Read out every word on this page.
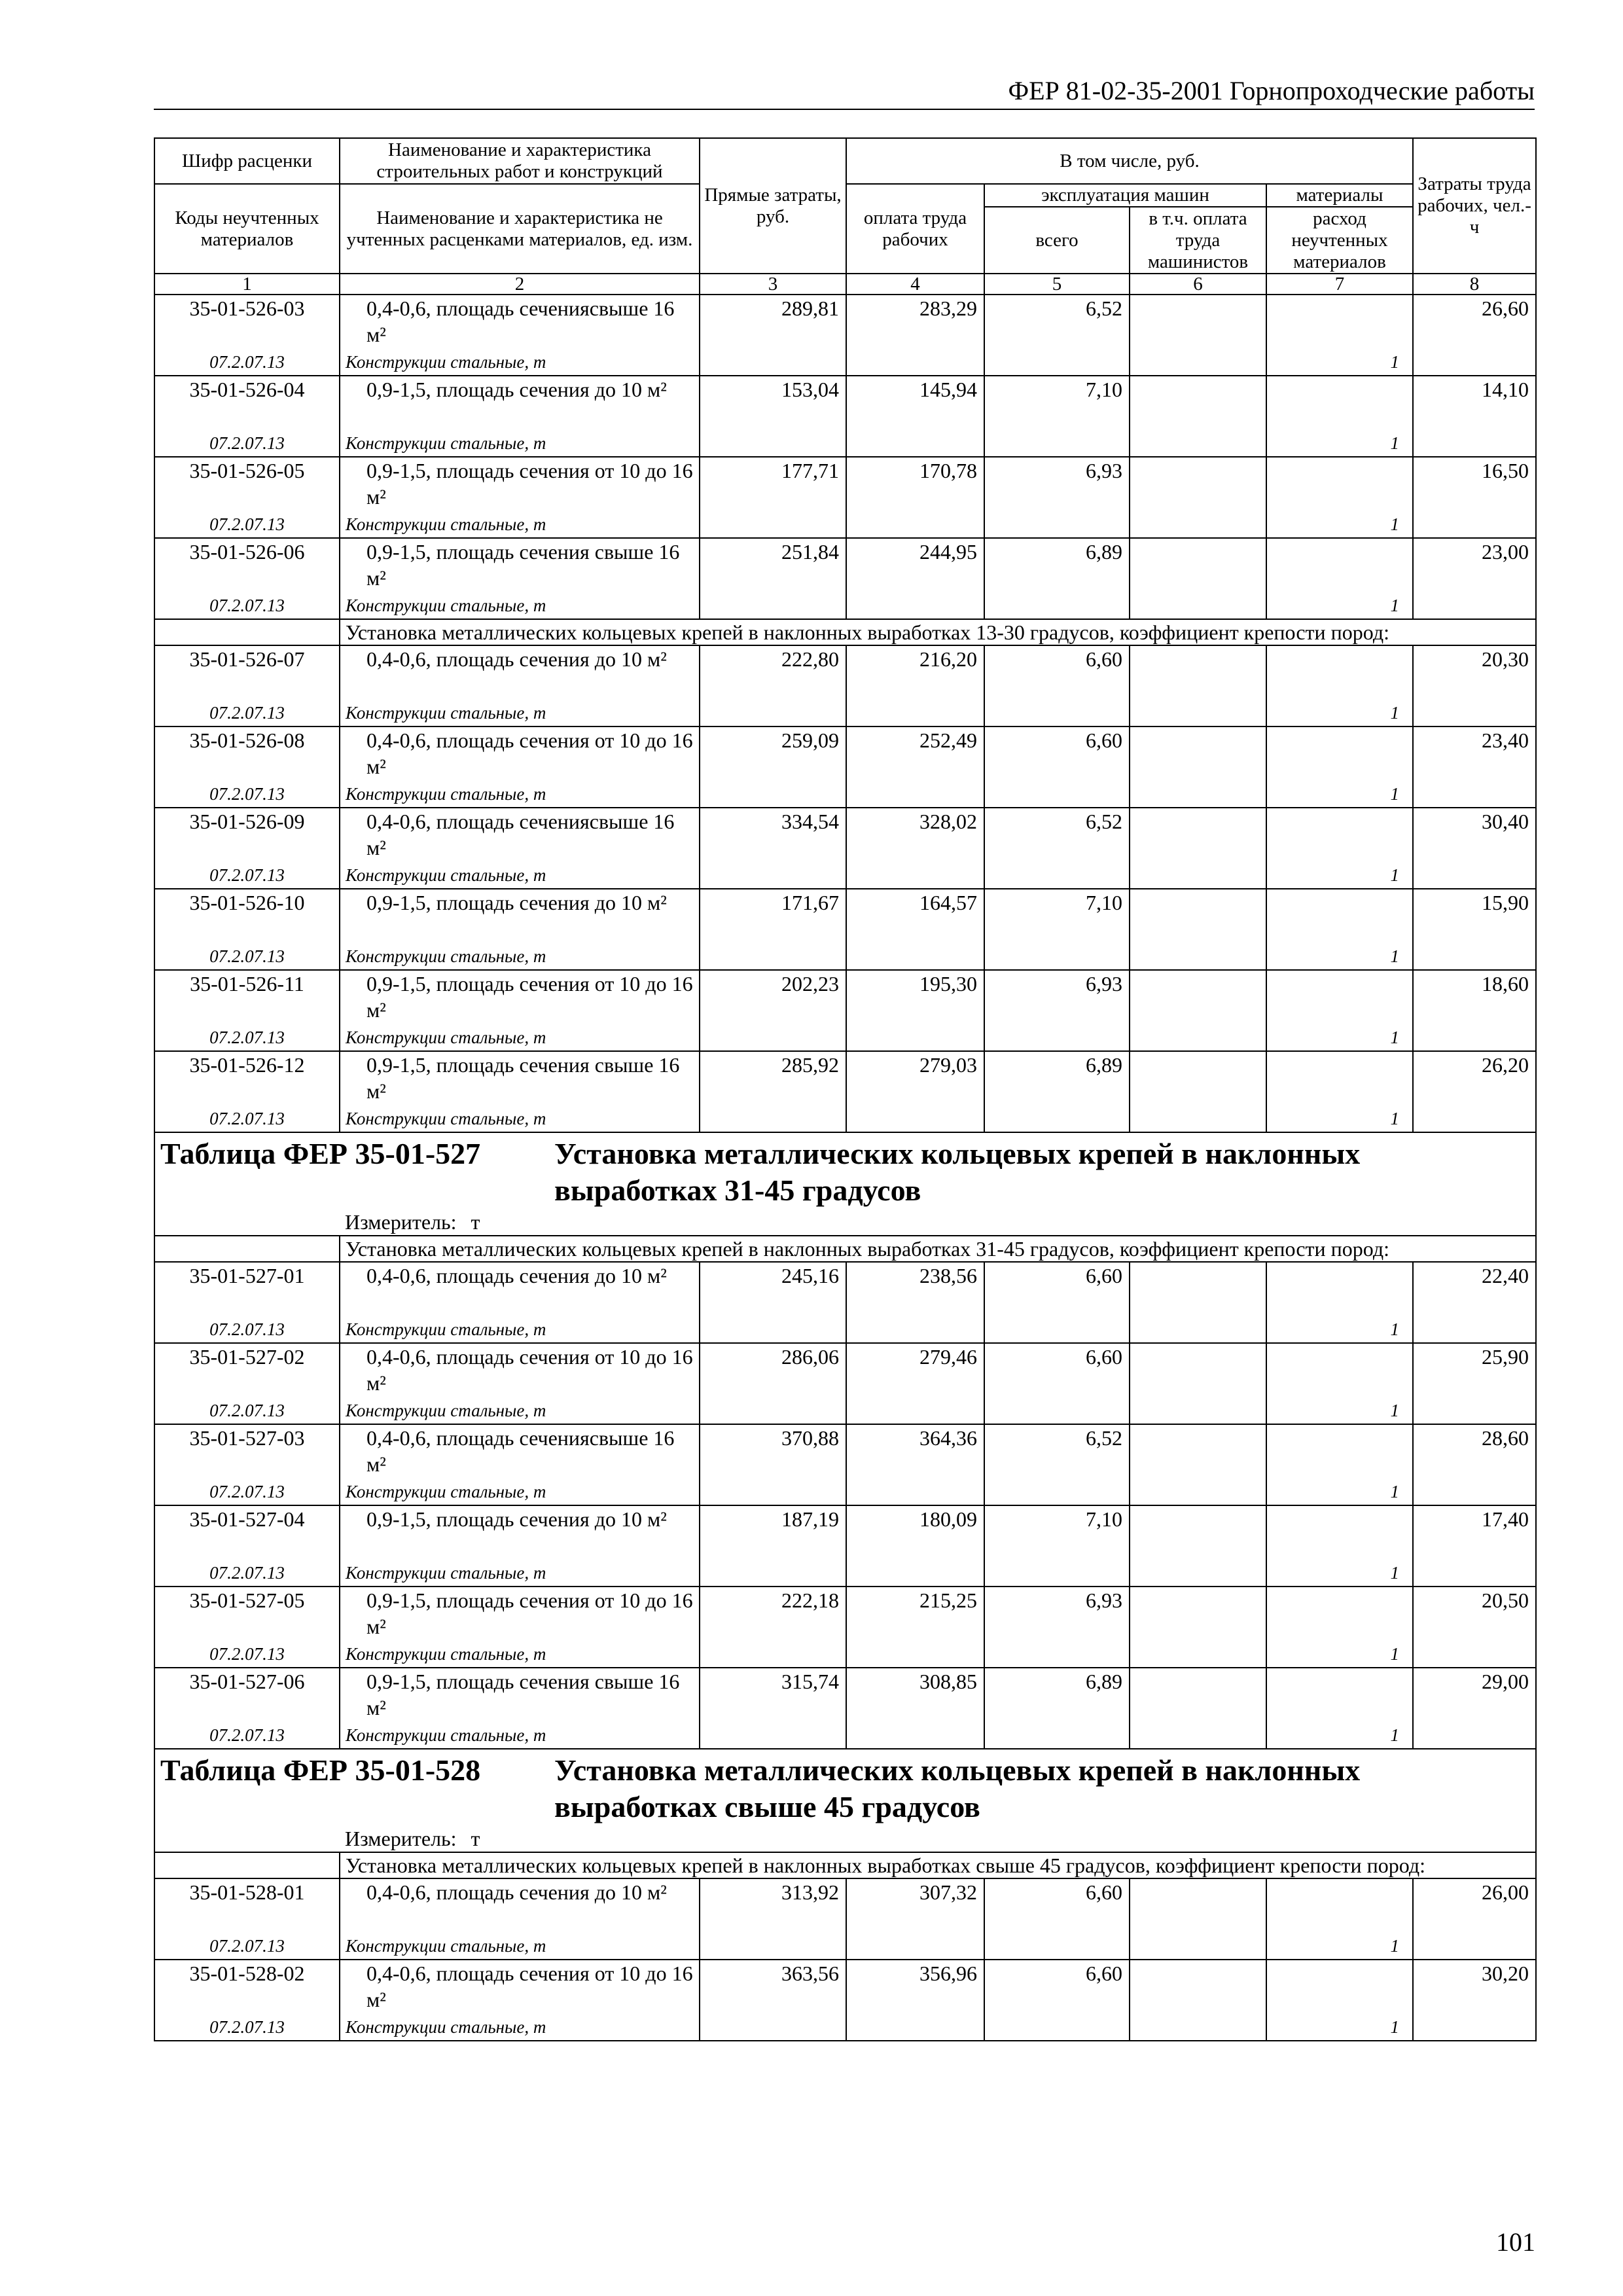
ФЕР 81-02-35-2001 Горнопроходческие работы
Шифр расценки	Наименование и характеристика строительных работ и конструкций	Прямые затраты, руб.	В том числе, руб.				Затраты труда рабочих, чел.-ч
Коды неучтенных материалов	Наименование и характеристика не учтенных расценками материалов, ед. изм.		оплата труда рабочих	эксплуатация машин		материалы	
				всего	в т.ч. оплата труда машинистов	расход неучтенных материалов	
1	2	3	4	5	6	7	8
35-01-526-03	0,4-0,6, площадь сечениясвыше 16 м²	289,81	283,29	6,52			26,60
07.2.07.13	Конструкции стальные, т					1	
35-01-526-04	0,9-1,5, площадь сечения до 10 м²	153,04	145,94	7,10			14,10
07.2.07.13	Конструкции стальные, т					1	
35-01-526-05	0,9-1,5, площадь сечения от 10 до 16 м²	177,71	170,78	6,93			16,50
07.2.07.13	Конструкции стальные, т					1	
35-01-526-06	0,9-1,5, площадь сечения свыше 16 м²	251,84	244,95	6,89			23,00
07.2.07.13	Конструкции стальные, т					1	
	Установка металлических кольцевых крепей в наклонных выработках 13-30 градусов, коэффициент крепости пород:						
35-01-526-07	0,4-0,6, площадь сечения до 10 м²	222,80	216,20	6,60			20,30
07.2.07.13	Конструкции стальные, т					1	
35-01-526-08	0,4-0,6, площадь сечения от 10 до 16 м²	259,09	252,49	6,60			23,40
07.2.07.13	Конструкции стальные, т					1	
35-01-526-09	0,4-0,6, площадь сечениясвыше 16 м²	334,54	328,02	6,52			30,40
07.2.07.13	Конструкции стальные, т					1	
35-01-526-10	0,9-1,5, площадь сечения до 10 м²	171,67	164,57	7,10			15,90
07.2.07.13	Конструкции стальные, т					1	
35-01-526-11	0,9-1,5, площадь сечения от 10 до 16 м²	202,23	195,30	6,93			18,60
07.2.07.13	Конструкции стальные, т					1	
35-01-526-12	0,9-1,5, площадь сечения свыше 16 м²	285,92	279,03	6,89			26,20
07.2.07.13	Конструкции стальные, т					1	

Таблица ФЕР 35-01-527 Установка металлических кольцевых крепей в наклонных выработках 31-45 градусов
Измеритель: т							

	Установка металлических кольцевых крепей в наклонных выработках 31-45 градусов, коэффициент крепости пород:						
35-01-527-01	0,4-0,6, площадь сечения до 10 м²	245,16	238,56	6,60			22,40
07.2.07.13	Конструкции стальные, т					1	
35-01-527-02	0,4-0,6, площадь сечения от 10 до 16 м²	286,06	279,46	6,60			25,90
07.2.07.13	Конструкции стальные, т					1	
35-01-527-03	0,4-0,6, площадь сечениясвыше 16 м²	370,88	364,36	6,52			28,60
07.2.07.13	Конструкции стальные, т					1	
35-01-527-04	0,9-1,5, площадь сечения до 10 м²	187,19	180,09	7,10			17,40
07.2.07.13	Конструкции стальные, т					1	
35-01-527-05	0,9-1,5, площадь сечения от 10 до 16 м²	222,18	215,25	6,93			20,50
07.2.07.13	Конструкции стальные, т					1	
35-01-527-06	0,9-1,5, площадь сечения свыше 16 м²	315,74	308,85	6,89			29,00
07.2.07.13	Конструкции стальные, т					1	

Таблица ФЕР 35-01-528 Установка металлических кольцевых крепей в наклонных выработках свыше 45 градусов
Измеритель: т							

	Установка металлических кольцевых крепей в наклонных выработках свыше 45 градусов, коэффициент крепости пород:						
35-01-528-01	0,4-0,6, площадь сечения до 10 м²	313,92	307,32	6,60			26,00
07.2.07.13	Конструкции стальные, т					1	
35-01-528-02	0,4-0,6, площадь сечения от 10 до 16 м²	363,56	356,96	6,60			30,20
07.2.07.13	Конструкции стальные, т					1	
101
